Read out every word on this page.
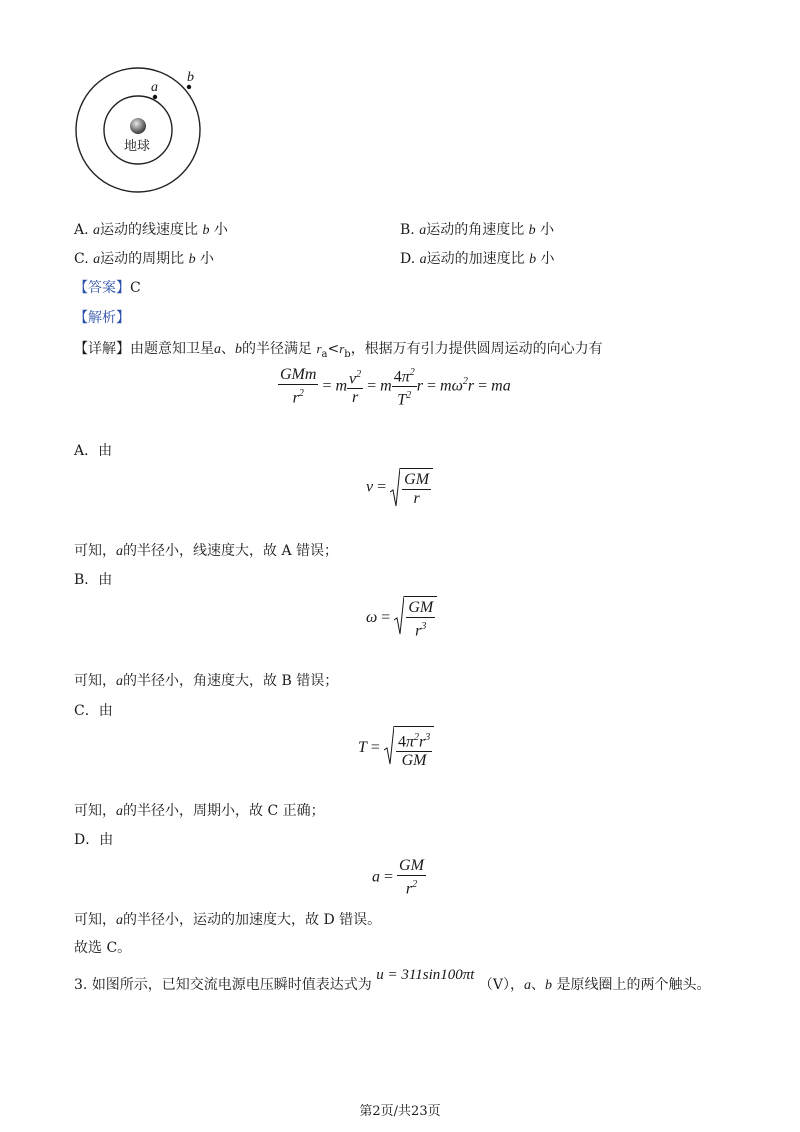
地球
a
b
A. a运动的线速度比 b 小	B. a运动的角速度比 b 小
C. a运动的周期比 b 小	D. a运动的加速度比 b 小
【答案】C
【解析】
【详解】由题意知卫星a、b的半径满足 $r_a<r_b$，根据万有引力提供圆周运动的向心力有
$\frac{\text{GMm}}{r^2} = m \frac{v^2}{r} = m \frac{4\pi^2}{T^2}$ $r = m\omega^2r$ = ma
A．由
$v = \frac{GM}{r}$
可知，a的半径小，线速度大，故 A 错误；
B．由
$\omega = \frac{GM}{r^3}$
可知，a的半径小，角速度大，故 B 错误；
C．由
$T = \frac{4\pi^2r^3}{GM}$
可知，a的半径小，周期小，故 C 正确；
D．由
$a = \frac{GM}{r^2}$
可知，a的半径小，运动的加速度大，故 D 错误。
故选 C。
3. 如图所示，已知交流电源电压瞬时值表达式为 u = 311sin100πt （V），a、b 是原线圈上的两个触头。
第2页/共23页
